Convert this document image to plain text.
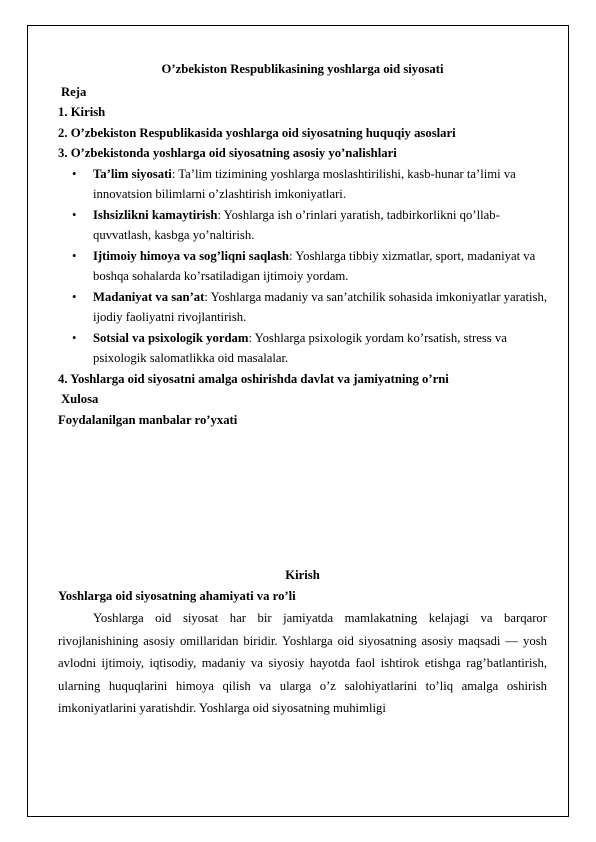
O’zbekiston Respublikasining yoshlarga oid siyosati
Reja
1. Kirish
2. O’zbekiston Respublikasida yoshlarga oid siyosatning huquqiy asoslari
3. O’zbekistonda yoshlarga oid siyosatning asosiy yo’nalishlari
• Ta’lim siyosati: Ta’lim tizimining yoshlarga moslashtirilishi, kasb-hunar ta’limi va innovatsion bilimlarni o’zlashtirish imkoniyatlari.
• Ishsizlikni kamaytirish: Yoshlarga ish o’rinlari yaratish, tadbirkorlikni qo’llab-quvvatlash, kasbga yo’naltirish.
• Ijtimoiy himoya va sog’liqni saqlash: Yoshlarga tibbiy xizmatlar, sport, madaniyat va boshqa sohalarda ko’rsatiladigan ijtimoiy yordam.
• Madaniyat va san’at: Yoshlarga madaniy va san’atchilik sohasida imkoniyatlar yaratish, ijodiy faoliyatni rivojlantirish.
• Sotsial va psixologik yordam: Yoshlarga psixologik yordam ko’rsatish, stress va psixologik salomatlikka oid masalalar.
4. Yoshlarga oid siyosatni amalga oshirishda davlat va jamiyatning o’rni
Xulosa
Foydalanilgan manbalar ro’yxati
Kirish
Yoshlarga oid siyosatning ahamiyati va ro’li
Yoshlarga oid siyosat har bir jamiyatda mamlakatning kelajagi va barqaror rivojlanishining asosiy omillaridan biridir. Yoshlarga oid siyosatning asosiy maqsadi — yosh avlodni ijtimoiy, iqtisodiy, madaniy va siyosiy hayotda faol ishtirok etishga rag’batlantirish, ularning huquqlarini himoya qilish va ularga o’z salohiyatlarini to’liq amalga oshirish imkoniyatlarini yaratishdir. Yoshlarga oid siyosatning muhimligi
